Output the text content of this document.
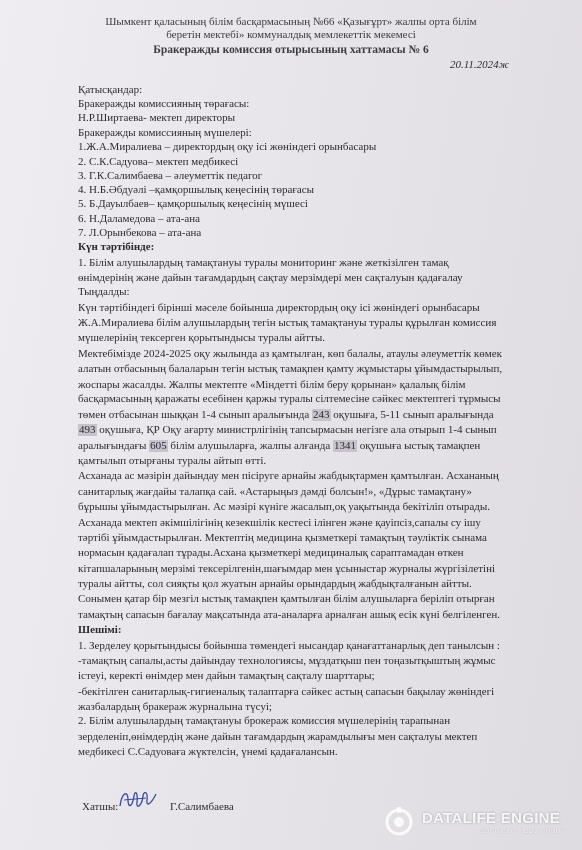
Шымкент қаласының білім басқармасының №66 «Қазығұрт» жалпы орта білім
беретін мектебі» коммуналдық мемлекеттік мекемесі
Бракеражды комиссия отырысының хаттамасы № 6
20.11.2024ж
Қатысқандар:
Бракеражды комиссияның төрағасы:
Н.Р.Ширтаева- мектеп директоры
Бракеражды комиссияның мүшелері:
1.Ж.А.Миралиева – директордың оқу ісі жөніндегі орынбасары
2. С.К.Садуова– мектеп медбикесі
3. Г.К.Салимбаева – әлеуметтік педагог
4. Н.Б.Әбдуәлі –қамқоршылық кеңесінің төрағасы
5. Б.Дауылбаев– қамқоршылық кеңесінің мүшесі
6. Н.Даламедова – ата-ана
7. Л.Орынбекова – ата-ана
Күн тәртібінде:
1. Білім алушылардың тамақтануы туралы мониторинг және жеткізілген тамақ
өнімдерінің және дайын тағамдардың сақтау мерзімдері мен сақталуын қадағалау
Тыңдалды:
Күн тәртібіндегі бірінші мәселе бойынша директордың оқу ісі жөніндегі орынбасары
Ж.А.Миралиева білім алушылардың тегін ыстық тамақтануы туралы құрылған комиссия
мүшелерінің тексерген қорытындысы туралы айтты.
Мектебімізде 2024-2025 оқу жылында аз қамтылған, көп балалы, атаулы әлеуметтік көмек
алатын отбасының балаларын тегін ыстық тамақпен қамту жұмыстары ұйымдастырылып,
жоспары жасалды. Жалпы мектепте «Міндетті білім беру қорынан» қалалық білім
басқармасының қаражаты есебінен қаржы туралы сілтемесіне сәйкес мектептегі тұрмысы
төмен отбасынан шыққан 1-4 сынып аралығында 243 оқушыға, 5-11 сынып аралығында
493 оқушыға, ҚР Оқу ағарту министрлігінің тапсырмасын негізге ала отырып 1-4 сынып
аралығындағы 605 білім алушыларға, жалпы алғанда 1341 оқушыға ыстық тамақпен
қамтылып отырғаны туралы айтып өтті.
Асханада ас мәзірін дайындау мен пісіруге арнайы жабдықтармен қамтылған. Асхананың
санитарлық жағдайы талапқа сай. «Астарыңыз дәмді болсын!», «Дұрыс тамақтану»
бұрышы ұйымдастырылған. Ас мәзірі күніге жасалып,оқ уақытында бекітіліп отырады.
Асханада мектеп әкімшілігінің кезекшілік кестесі ілінген және қауіпсіз,сапалы су ішу
тәртібі ұйымдастырылған. Мектептің медицина қызметкері тамақтың тәуліктік сынама
нормасын қадағалап тұрады.Асхана қызметкері медициналық сараптамадан өткен
кітапшаларының мерзімі тексерілгенін,шағымдар мен ұсыныстар журналы жүргізілетіні
туралы айтты, сол сияқты қол жуатын арнайы орындардың жабдықталғанын айтты.
Сонымен қатар бір мезгіл ыстық тамақпен қамтылған білім алушыларға беріліп отырған
тамақтың сапасын бағалау мақсатында ата-аналарға арналған ашық есік күні белгіленген.
Шешімі:
1. Зерделеу қорытындысы бойынша төмендегі нысандар қанағаттанарлық деп танылсын :
-тамақтың сапалы,асты дайындау технологиясы, мұздатқыш пен тоңазытқыштың жұмыс
істеуі, керекті өнімдер мен дайын тамақтың сақталу шарттары;
-бекітілген санитарлық-гигиеналық талаптарға сәйкес астың сапасын бақылау жөніндегі
жазбалардың бракераж журналына түсуі;
2. Білім алушылардың тамақтануы брокераж комиссия мүшелерінің тарапынан
зерделеніп,өнімдердің және дайын тағамдардың жарамдылығы мен сақталуы мектеп
медбикесі С.Садуоваға жүктелсін, үнемі қадағалансын.
Хатшы:	Г.Салимбаева
DATALIFE ENGINE
SOFTNEWS MEDIA GROUP
